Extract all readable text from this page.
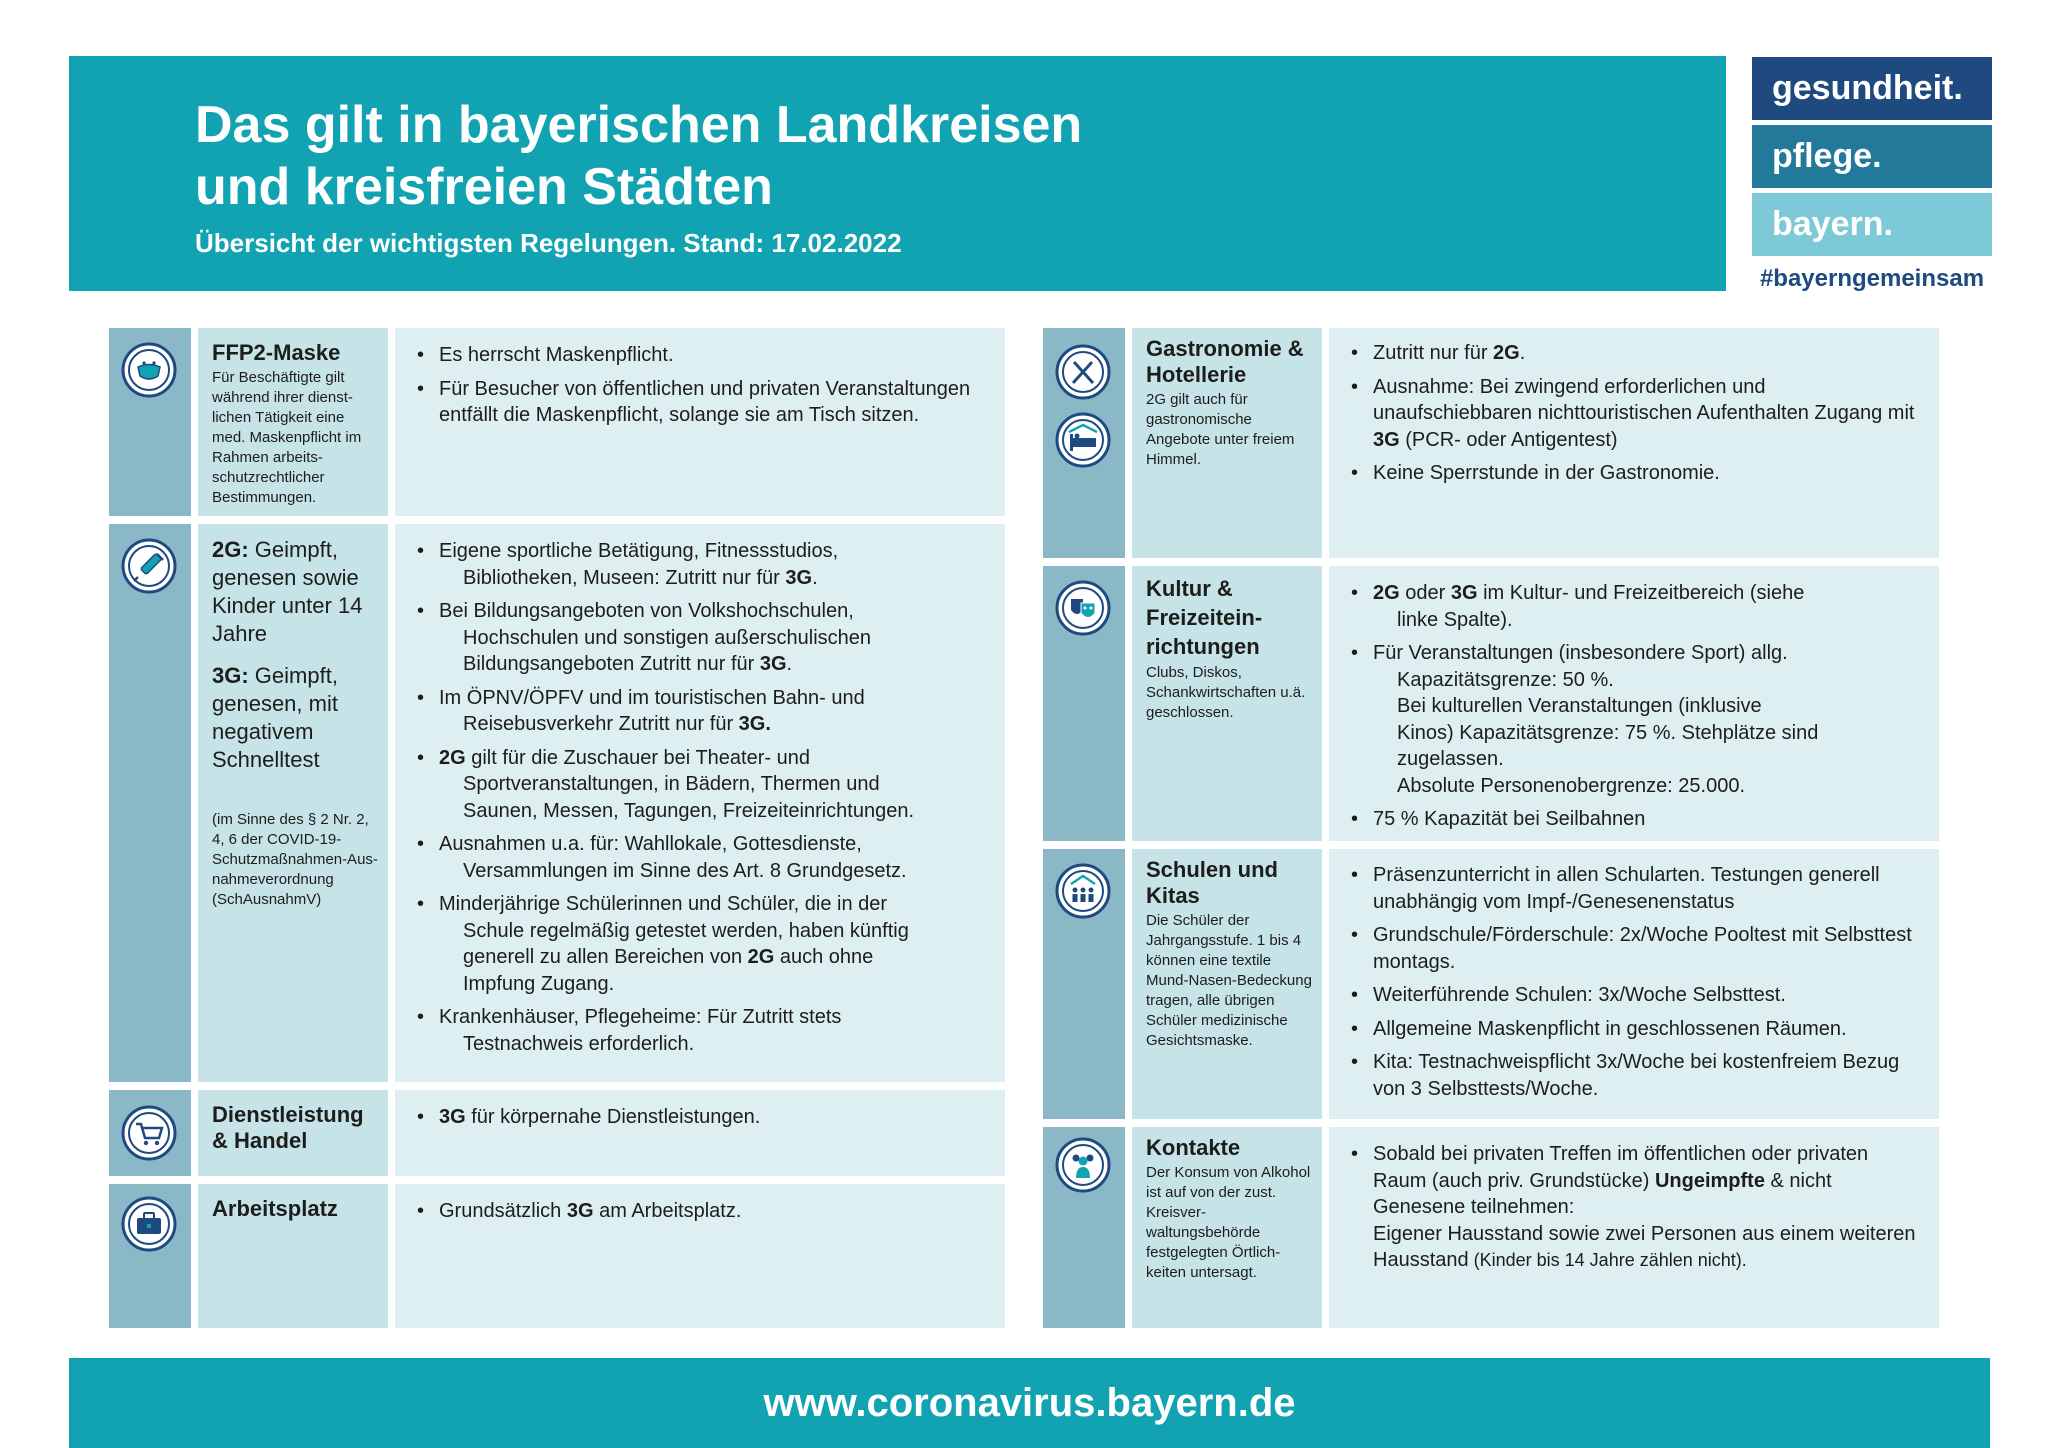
Das gilt in bayerischen Landkreisen
und kreisfreien Städten
Übersicht der wichtigsten Regelungen. Stand: 17.02.2022
gesundheit.
pflege.
bayern.
#bayerngemeinsam
FFP2-Maske
Für Beschäftigte gilt während ihrer dienstlichen Tätigkeit eine med. Maskenpflicht im Rahmen arbeitsschutzrechtlicher Bestimmungen.
• Es herrscht Maskenpflicht.
• Für Besucher von öffentlichen und privaten Veranstaltungen entfällt die Maskenpflicht, solange sie am Tisch sitzen.
2G: Geimpft, genesen sowie Kinder unter 14 Jahre
3G: Geimpft, genesen, mit negativem Schnelltest
(im Sinne des § 2 Nr. 2, 4, 6 der COVID-19-Schutzmaßnahmen-Ausnahmeverordnung (SchAusnahmV)
• Eigene sportliche Betätigung, Fitnessstudios,
Bibliotheken, Museen: Zutritt nur für 3G.
• Bei Bildungsangeboten von Volkshochschulen,
Hochschulen und sonstigen außerschulischen
Bildungsangeboten Zutritt nur für 3G.
• Im ÖPNV/ÖPFV und im touristischen Bahn- und
Reisebusverkehr Zutritt nur für 3G.
• 2G gilt für die Zuschauer bei Theater- und
Sportveranstaltungen, in Bädern, Thermen und
Saunen, Messen, Tagungen, Freizeiteinrichtungen.
• Ausnahmen u.a. für: Wahllokale, Gottesdienste,
Versammlungen im Sinne des Art. 8 Grundgesetz.
• Minderjährige Schülerinnen und Schüler, die in der
Schule regelmäßig getestet werden, haben künftig
generell zu allen Bereichen von 2G auch ohne
Impfung Zugang.
• Krankenhäuser, Pflegeheime: Für Zutritt stets
Testnachweis erforderlich.
Dienstleistung & Handel
• 3G für körpernahe Dienstleistungen.
Arbeitsplatz
•	Grundsätzlich 3G am Arbeitsplatz.
Gastronomie & Hotellerie
2G gilt auch für gastronomische Angebote unter freiem Himmel.
• Zutritt nur für 2G.
• Ausnahme: Bei zwingend erforderlichen und unaufschiebbaren nichttouristischen Aufenthalten Zugang mit 3G (PCR- oder Antigentest)
• Keine Sperrstunde in der Gastronomie.
Kultur & Freizeiteinrichtungen
Clubs, Diskos, Schankwirtschaften u.ä. geschlossen.
• 2G oder 3G im Kultur- und Freizeitbereich (siehe
linke Spalte).
• Für Veranstaltungen (insbesondere Sport) allg.
Kapazitätsgrenze: 50 %.
Bei kulturellen Veranstaltungen (inklusive
Kinos) Kapazitätsgrenze: 75 %. Stehplätze sind
zugelassen.
Absolute Personenobergrenze: 25.000.
• 75 % Kapazität bei Seilbahnen
Schulen und Kitas
Die Schüler der Jahrgangsstufe. 1 bis 4 können eine textile Mund-Nasen-Bedeckung tragen, alle übrigen Schüler medizinische Gesichtsmaske.
• Präsenzunterricht in allen Schularten. Testungen generell unabhängig vom Impf-/Genesenenstatus
• Grundschule/Förderschule: 2x/Woche Pooltest mit Selbsttest montags.
• Weiterführende Schulen: 3x/Woche Selbsttest.
• Allgemeine Maskenpflicht in geschlossenen Räumen.
• Kita: Testnachweispflicht 3x/Woche bei kostenfreiem Bezug von 3 Selbsttests/Woche.
Kontakte
Der Konsum von Alkohol ist auf von der zust. Kreisverwaltungsbehörde festgelegten Örtlichkeiten untersagt.
• Sobald bei privaten Treffen im öffentlichen oder privaten Raum (auch priv. Grundstücke) Ungeimpfte & nicht Genesene teilnehmen:
Eigener Hausstand sowie zwei Personen aus einem weiteren Hausstand (Kinder bis 14 Jahre zählen nicht).
www.coronavirus.bayern.de
